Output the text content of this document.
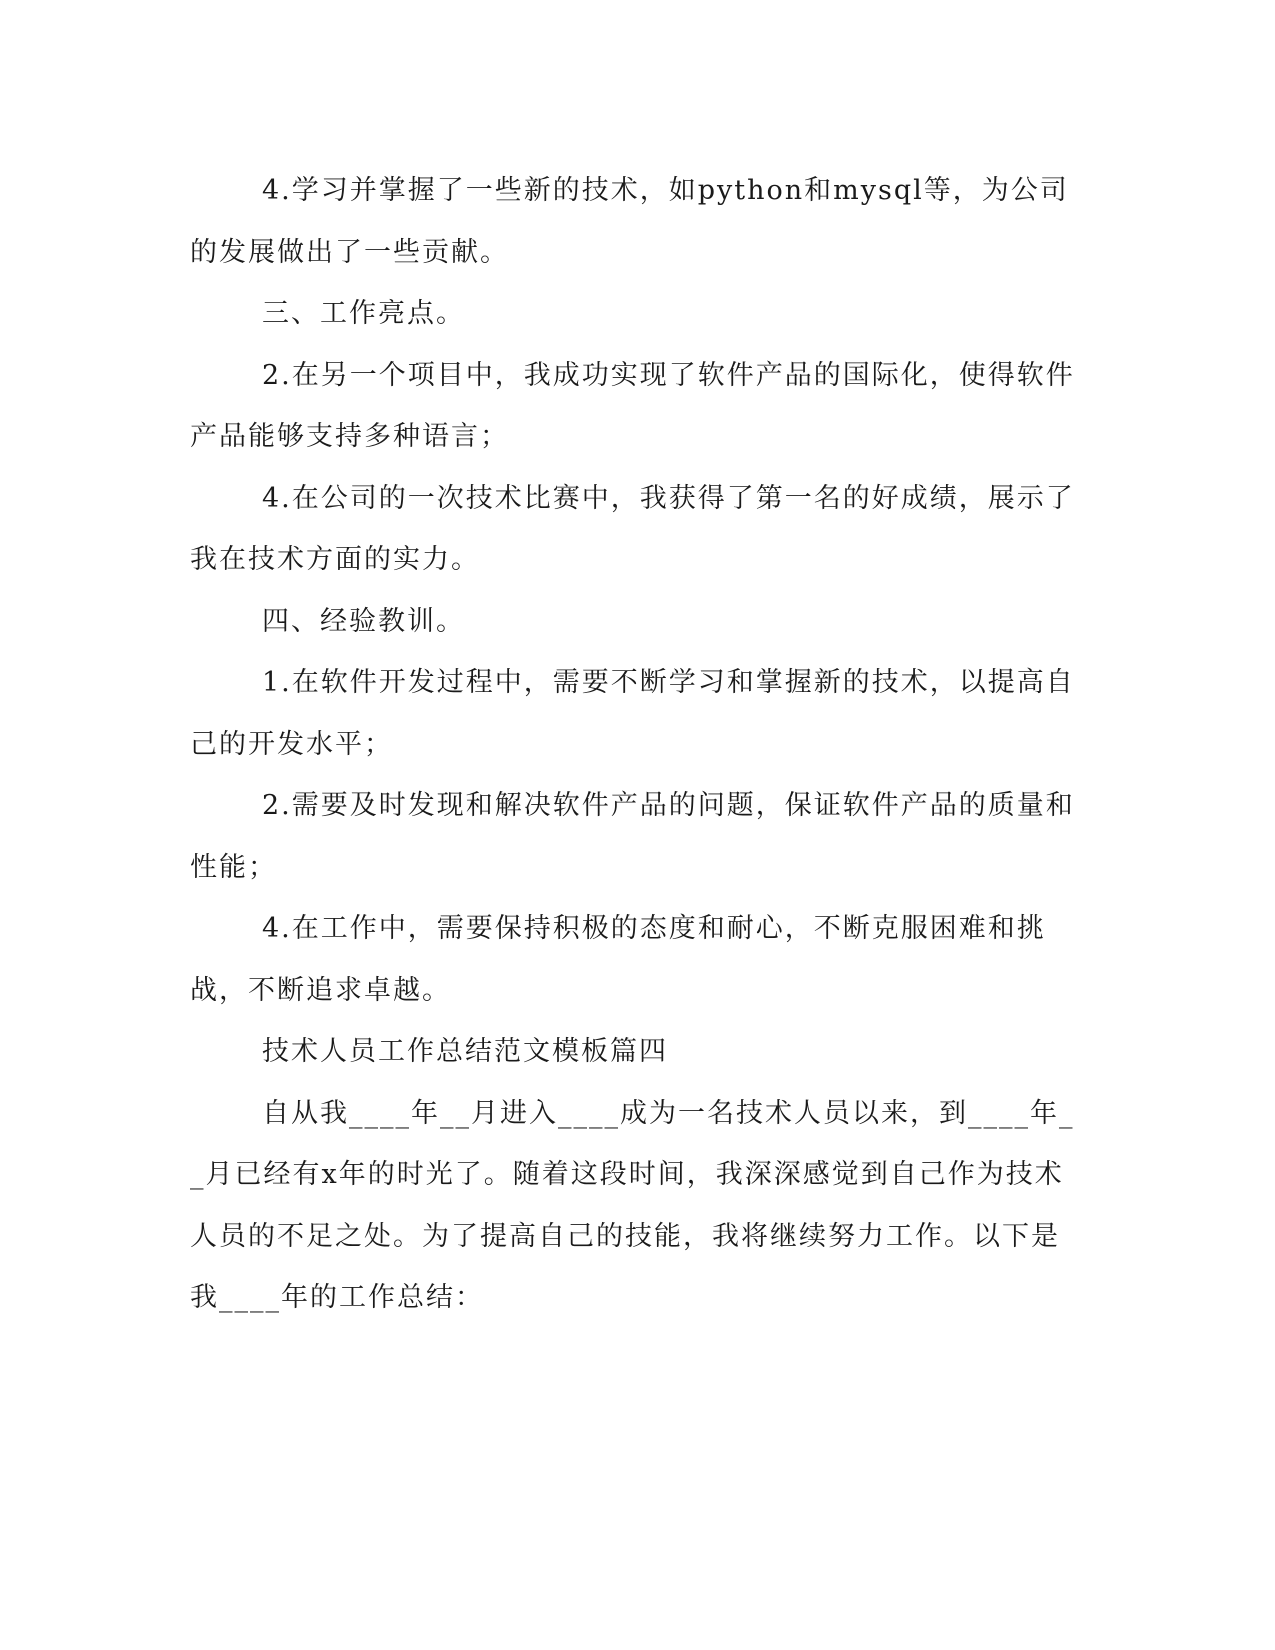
4.学习并掌握了一些新的技术，如python和mysql等，为公司的发展做出了一些贡献。

三、工作亮点。

2.在另一个项目中，我成功实现了软件产品的国际化，使得软件产品能够支持多种语言；

4.在公司的一次技术比赛中，我获得了第一名的好成绩，展示了我在技术方面的实力。

四、经验教训。

1.在软件开发过程中，需要不断学习和掌握新的技术，以提高自己的开发水平；

2.需要及时发现和解决软件产品的问题，保证软件产品的质量和性能；

4.在工作中，需要保持积极的态度和耐心，不断克服困难和挑战，不断追求卓越。

技术人员工作总结范文模板篇四

自从我____年__月进入____成为一名技术人员以来，到____年__月已经有x年的时光了。随着这段时间，我深深感觉到自己作为技术人员的不足之处。为了提高自己的技能，我将继续努力工作。以下是我____年的工作总结：
